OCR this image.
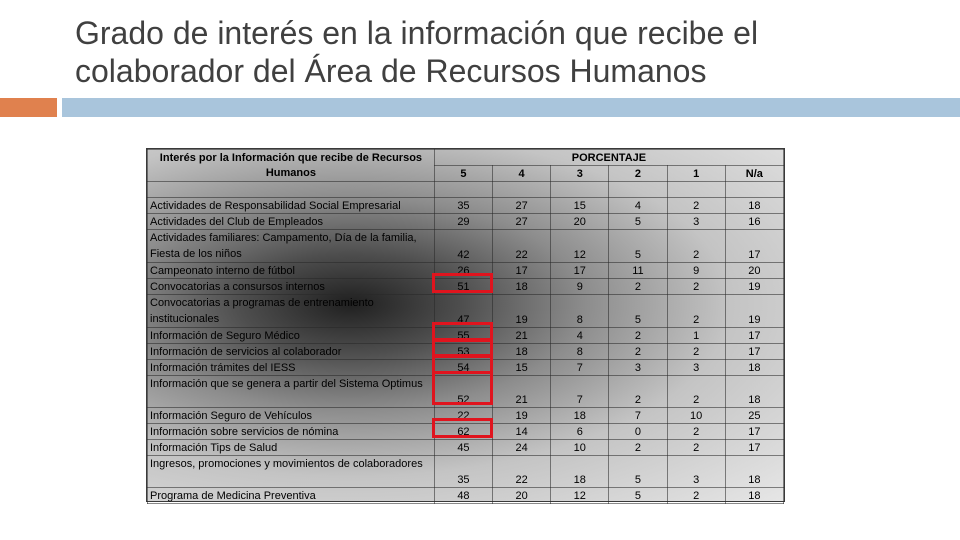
Grado de interés en la información que recibe el
colaborador del Área de Recursos Humanos
Interés por la Información que recibe de Recursos Humanos	PORCENTAJE					
	5	4	3	2	1	N/a

Actividades de Responsabilidad Social Empresarial	35	27	15	4	2	18
Actividades del Club de Empleados	29	27	20	5	3	16
Actividades familiares: Campamento, Día de la familia, Fiesta de los niños	42	22	12	5	2	17
Campeonato interno de fútbol	26	17	17	11	9	20
Convocatorias a consursos internos	51	18	9	2	2	19
Convocatorias a programas de entrenamiento institucionales	47	19	8	5	2	19
Información de Seguro Médico	55	21	4	2	1	17
Información de servicios al colaborador	53	18	8	2	2	17
Información trámites del IESS	54	15	7	3	3	18
Información que se genera a partir del Sistema Optimus	52	21	7	2	2	18
Información Seguro de Vehículos	22	19	18	7	10	25
Información sobre servicios de nómina	62	14	6	0	2	17
Información Tips de Salud	45	24	10	2	2	17
Ingresos, promociones y movimientos de colaboradores	35	22	18	5	3	18
Programa de Medicina Preventiva	48	20	12	5	2	18
